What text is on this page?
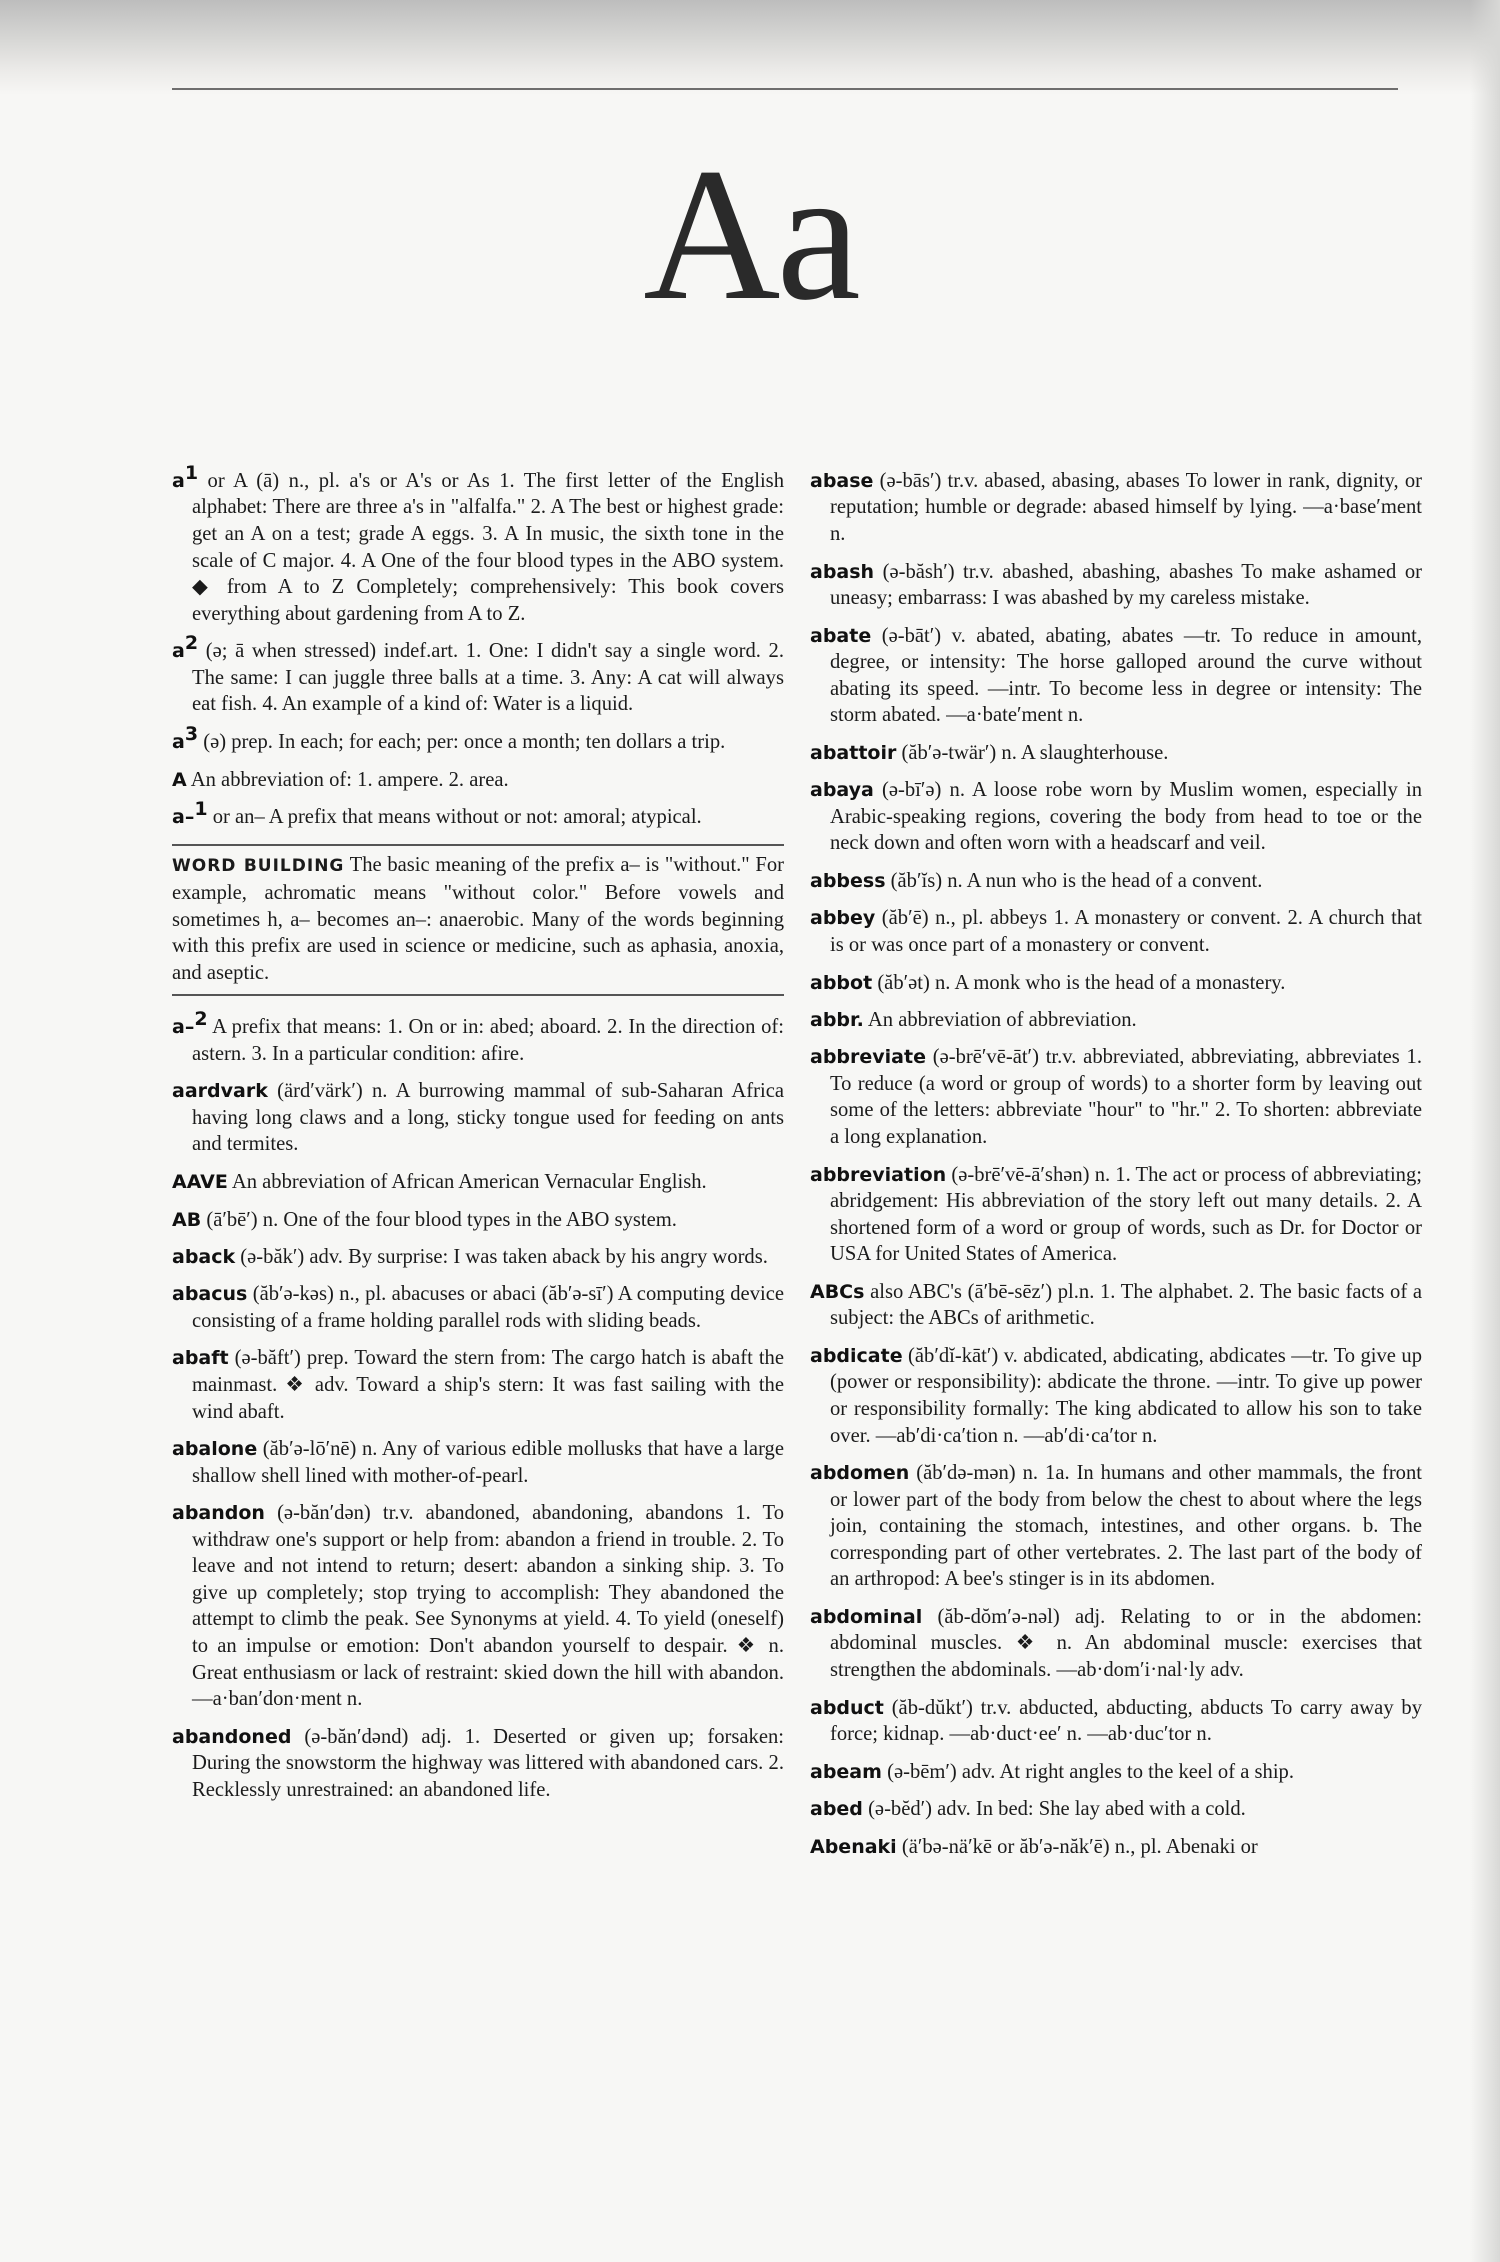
Aa

$a^1$ or A (ā) n., pl. a's or A's or As 1. The first letter of the English alphabet: There are three a's in "alfalfa." 2. A The best or highest grade: get an A on a test; grade A eggs. 3. A In music, the sixth tone in the scale of C major. 4. A One of the four blood types in the ABO system. ◆ from A to Z Completely; comprehensively: This book covers everything about gardening from A to Z.

$a^2$ (ə; ā when stressed) indef.art. 1. One: I didn't say a single word. 2. The same: I can juggle three balls at a time. 3. Any: A cat will always eat fish. 4. An example of a kind of: Water is a liquid.

$a^3$ (ə) prep. In each; for each; per: once a month; ten dollars a trip.

A An abbreviation of: 1. ampere. 2. area.

a–$^1$ or an– A prefix that means without or not: amoral; atypical.

WORD BUILDING The basic meaning of the prefix a– is "without." For example, achromatic means "without color." Before vowels and sometimes h, a– becomes an–: anaerobic. Many of the words beginning with this prefix are used in science or medicine, such as aphasia, anoxia, and aseptic.

a–$^2$ A prefix that means: 1. On or in: abed; aboard. 2. In the direction of: astern. 3. In a particular condition: afire.

aardvark (ärd′värk′) n. A burrowing mammal of sub-Saharan Africa having long claws and a long, sticky tongue used for feeding on ants and termites.

AAVE An abbreviation of African American Vernacular English.

AB (ā′bē′) n. One of the four blood types in the ABO system.

aback (ə-băk′) adv. By surprise: I was taken aback by his angry words.

abacus (ăb′ə-kəs) n., pl. abacuses or abaci (ăb′ə-sī′) A computing device consisting of a frame holding parallel rods with sliding beads.

abaft (ə-băft′) prep. Toward the stern from: The cargo hatch is abaft the mainmast. ❖ adv. Toward a ship's stern: It was fast sailing with the wind abaft.

abalone (ăb′ə-lō′nē) n. Any of various edible mollusks that have a large shallow shell lined with mother-of-pearl.

abandon (ə-băn′dən) tr.v. abandoned, abandoning, abandons 1. To withdraw one's support or help from: abandon a friend in trouble. 2. To leave and not intend to return; desert: abandon a sinking ship. 3. To give up completely; stop trying to accomplish: They abandoned the attempt to climb the peak. See Synonyms at yield. 4. To yield (oneself) to an impulse or emotion: Don't abandon yourself to despair. ❖ n. Great enthusiasm or lack of restraint: skied down the hill with abandon. —a·ban′don·ment n.

abandoned (ə-băn′dənd) adj. 1. Deserted or given up; forsaken: During the snowstorm the highway was littered with abandoned cars. 2. Recklessly unrestrained: an abandoned life.

abase (ə-bās′) tr.v. abased, abasing, abases To lower in rank, dignity, or reputation; humble or degrade: abased himself by lying. —a·base′ment n.

abash (ə-băsh′) tr.v. abashed, abashing, abashes To make ashamed or uneasy; embarrass: I was abashed by my careless mistake.

abate (ə-bāt′) v. abated, abating, abates —tr. To reduce in amount, degree, or intensity: The horse galloped around the curve without abating its speed. —intr. To become less in degree or intensity: The storm abated. —a·bate′ment n.

abattoir (ăb′ə-twär′) n. A slaughterhouse.

abaya (ə-bī′ə) n. A loose robe worn by Muslim women, especially in Arabic-speaking regions, covering the body from head to toe or the neck down and often worn with a headscarf and veil.

abbess (ăb′ĭs) n. A nun who is the head of a convent.

abbey (ăb′ē) n., pl. abbeys 1. A monastery or convent. 2. A church that is or was once part of a monastery or convent.

abbot (ăb′ət) n. A monk who is the head of a monastery.

abbr. An abbreviation of abbreviation.

abbreviate (ə-brē′vē-āt′) tr.v. abbreviated, abbreviating, abbreviates 1. To reduce (a word or group of words) to a shorter form by leaving out some of the letters: abbreviate "hour" to "hr." 2. To shorten: abbreviate a long explanation.

abbreviation (ə-brē′vē-ā′shən) n. 1. The act or process of abbreviating; abridgement: His abbreviation of the story left out many details. 2. A shortened form of a word or group of words, such as Dr. for Doctor or USA for United States of America.

ABCs also ABC's (ā′bē-sēz′) pl.n. 1. The alphabet. 2. The basic facts of a subject: the ABCs of arithmetic.

abdicate (ăb′dĭ-kāt′) v. abdicated, abdicating, abdicates —tr. To give up (power or responsibility): abdicate the throne. —intr. To give up power or responsibility formally: The king abdicated to allow his son to take over. —ab′di·ca′tion n. —ab′di·ca′tor n.

abdomen (ăb′də-mən) n. 1a. In humans and other mammals, the front or lower part of the body from below the chest to about where the legs join, containing the stomach, intestines, and other organs. b. The corresponding part of other vertebrates. 2. The last part of the body of an arthropod: A bee's stinger is in its abdomen.

abdominal (ăb-dŏm′ə-nəl) adj. Relating to or in the abdomen: abdominal muscles. ❖ n. An abdominal muscle: exercises that strengthen the abdominals. —ab·dom′i·nal·ly adv.

abduct (ăb-dŭkt′) tr.v. abducted, abducting, abducts To carry away by force; kidnap. —ab·duct·ee′ n. —ab·duc′tor n.

abeam (ə-bēm′) adv. At right angles to the keel of a ship.

abed (ə-bĕd′) adv. In bed: She lay abed with a cold.

Abenaki (ä′bə-nä′kē or ăb′ə-năk′ē) n., pl. Abenaki or
